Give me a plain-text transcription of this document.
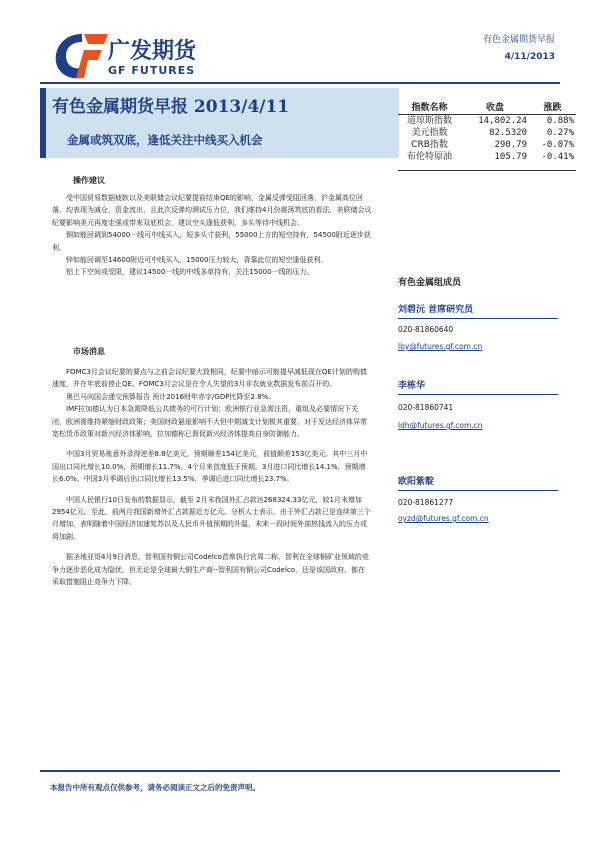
广发期货
GF FUTURES
有色金属期货早报
4/11/2013
有色金属期货早报 2013/4/11
金属或筑双底，逢低关注中线买入机会
指数名称	收盘	涨跌
道琼斯指数	14,802.24	0.88%
美元指数	82.5320	0.27%
CRB指数	290.79	-0.07%
布伦特原油	105.79	-0.41%
操作建议

受中国贸易数据疲软以及美联储会议纪要提前结束QE的影响，金属反弹受阻回落，沪金属高位回落，均表现为减仓，资金流出，且此次反弹均测试压力位，我们维持4月份震荡筑底的看法，美联储会议纪要影响美元再度走强或带来双底机会，建议空头逢低获利，多头等待中线机会。

铜如能回调到54000一线可中线买入，短多头寸获利，55000上方的短空持有，54500附近逐步获利。

锌如能回调至14600附近可中线买入，15000压力较大，背靠此位的短空逢低获利。

铝上下空间或受限，建议14500一线的中线多单持有，关注15000一线的压力。

市场消息

FOMC3月会议纪要的要点与之前会议纪要大致相同，纪要中暗示可能提早减低现在QE计划的购债速度，并在年底前停止QE。FOMC3月会议是在令人失望的3月非农就业数据发布前召开的。

奥巴马向国会递交预算报告 预计2016财年赤字/GDP比降至2.8%.

IMF拉加德认为日本急需降低公共债务的可行计划；欧洲银行业急需注资，重组及必要情况下关闭，欧洲需维持紧缩财政政策；美国财政悬崖影响不大但中期减支计划极其重要。对于发达经济体异常宽松货币政策对新兴经济体影响，拉加德称已督促新兴经济体提高自身防御能力。

中国3月贸易账意外录得逆差8.8亿美元，预期顺差154亿美元，前值顺差153亿美元。其中三月中国出口同比增长10.0%，预期增长11.7%，4个月来首度低于预期。3月进口同比增长14.1%，预期增长6.0%。中国3月季调后出口同比增长13.5%，季调后进口同比增长23.7%。

中国人民银行10日发布的数据显示，截至 2月末我国外汇占款达268324.33亿元，较1月末增加2954亿元。至此，前两月我国新增外汇占款据近万亿元。分析人士表示，由于外汇占款已是连续第三个月增加，表明随着中国经济加速复苏以及人民币升值预期的升温，未来一段时间外部热钱流入的压力或将加剧。

据圣地亚哥4月9日消息，智利国有铜公司Codelco首席执行官周二称，智利在全球铜矿业领域的竞争力逐步恶化成为隐忧，但无论是全球最大铜生产商--智利国有铜公司Codelco，还是该国政府，都在采取措施阻止竞争力下降。

有色金属组成员
刘碧沅 首席研究员
020-81860640
lby@futures.gf.com.cn
李栋华
020-81860741
ldh@futures.gf.com.cn
欧阳紫靛
020-81861277
oyzd@futures.gf.com.cn
本报告中所有观点仅供参考，请务必阅读正文之后的免责声明。
